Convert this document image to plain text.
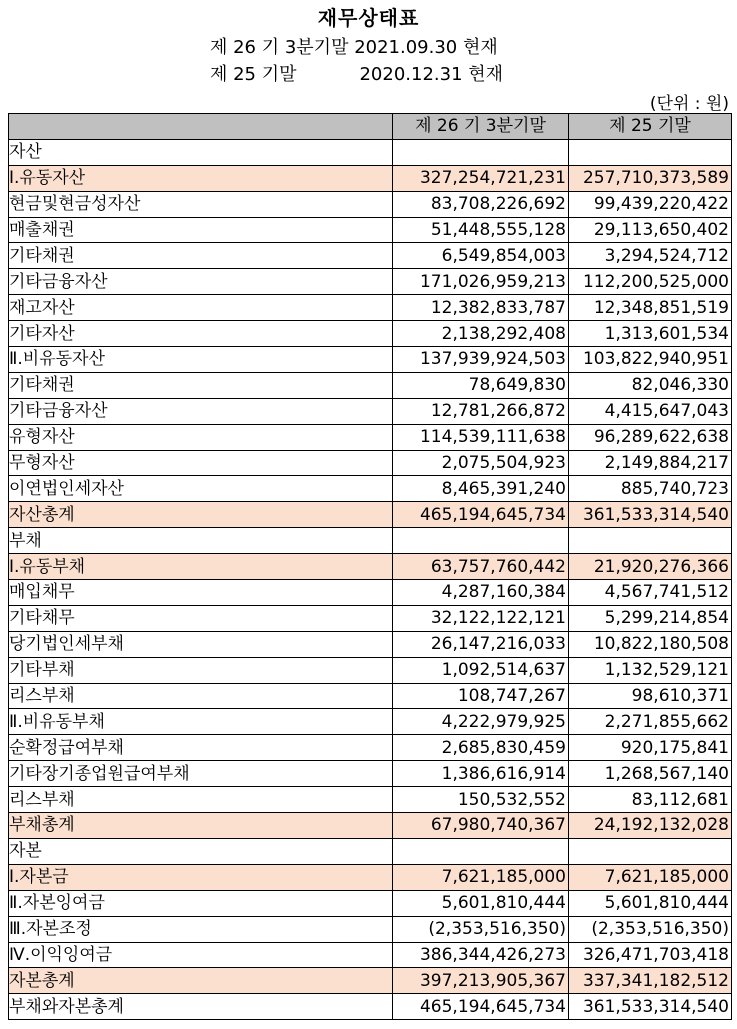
재무상태표
제 26 기 3분기말 2021.09.30 현재
제 25 기말	2020.12.31 현재
(단위 : 원)
	제 26 기 3분기말	제 25 기말
자산		
Ⅰ.유동자산	327,254,721,231	257,710,373,589
현금및현금성자산	83,708,226,692	99,439,220,422
매출채권	51,448,555,128	29,113,650,402
기타채권	6,549,854,003	3,294,524,712
기타금융자산	171,026,959,213	112,200,525,000
재고자산	12,382,833,787	12,348,851,519
기타자산	2,138,292,408	1,313,601,534
Ⅱ.비유동자산	137,939,924,503	103,822,940,951
기타채권	78,649,830	82,046,330
기타금융자산	12,781,266,872	4,415,647,043
유형자산	114,539,111,638	96,289,622,638
무형자산	2,075,504,923	2,149,884,217
이연법인세자산	8,465,391,240	885,740,723
자산총계	465,194,645,734	361,533,314,540
부채		
Ⅰ.유동부채	63,757,760,442	21,920,276,366
매입채무	4,287,160,384	4,567,741,512
기타채무	32,122,122,121	5,299,214,854
당기법인세부채	26,147,216,033	10,822,180,508
기타부채	1,092,514,637	1,132,529,121
리스부채	108,747,267	98,610,371
Ⅱ.비유동부채	4,222,979,925	2,271,855,662
순확정급여부채	2,685,830,459	920,175,841
기타장기종업원급여부채	1,386,616,914	1,268,567,140
리스부채	150,532,552	83,112,681
부채총계	67,980,740,367	24,192,132,028
자본		
Ⅰ.자본금	7,621,185,000	7,621,185,000
Ⅱ.자본잉여금	5,601,810,444	5,601,810,444
Ⅲ.자본조정	(2,353,516,350)	(2,353,516,350)
Ⅳ.이익잉여금	386,344,426,273	326,471,703,418
자본총계	397,213,905,367	337,341,182,512
부채와자본총계	465,194,645,734	361,533,314,540
